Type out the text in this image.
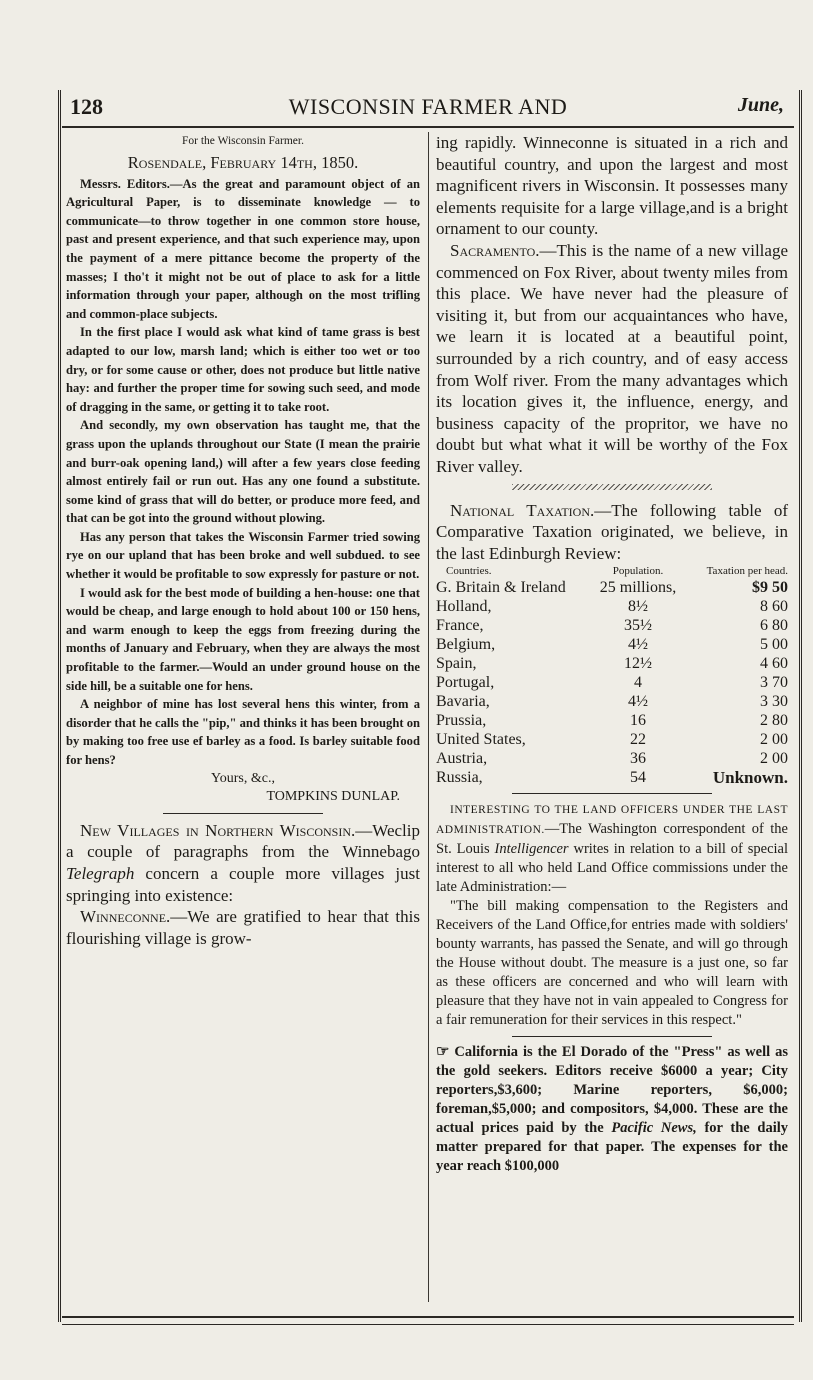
128	WISCONSIN FARMER AND	June,

For the Wisconsin Farmer.

Rosendale, February 14th, 1850.

Messrs. Editors.—As the great and paramount object of an Agricultural Paper, is to disseminate knowledge — to communicate—to throw together in one common store house, past and present experience, and that such experience may, upon the payment of a mere pittance become the property of the masses; I tho't it might not be out of place to ask for a little information through your paper, although on the most trifling and common-place subjects.

In the first place I would ask what kind of tame grass is best adapted to our low, marsh land; which is either too wet or too dry, or for some cause or other, does not produce but little native hay: and further the proper time for sowing such seed, and mode of dragging in the same, or getting it to take root.

And secondly, my own observation has taught me, that the grass upon the uplands throughout our State (I mean the prairie and burr-oak opening land,) will after a few years close feeding almost entirely fail or run out. Has any one found a substitute. some kind of grass that will do better, or produce more feed, and that can be got into the ground without plowing.

Has any person that takes the Wisconsin Farmer tried sowing rye on our upland that has been broke and well subdued. to see whether it would be profitable to sow expressly for pasture or not.

I would ask for the best mode of building a hen-house: one that would be cheap, and large enough to hold about 100 or 150 hens, and warm enough to keep the eggs from freezing during the months of January and February, when they are always the most profitable to the farmer.—Would an under ground house on the side hill, be a suitable one for hens.

A neighbor of mine has lost several hens this winter, from a disorder that he calls the "pip," and thinks it has been brought on by making too free use ef barley as a food. Is barley suitable food for hens?

Yours, &c.,

TOMPKINS DUNLAP.

New Villages in Northern Wisconsin.—Weclip a couple of paragraphs from the Winnebago Telegraph concern a couple more villages just springing into existence:

Winneconne.—We are gratified to hear that this flourishing village is grow-

ing rapidly. Winneconne is situated in a rich and beautiful country, and upon the largest and most magnificent rivers in Wisconsin. It possesses many elements requisite for a large village,and is a bright ornament to our county.

Sacramento.—This is the name of a new village commenced on Fox River, about twenty miles from this place. We have never had the pleasure of visiting it, but from our acquaintances who have, we learn it is located at a beautiful point, surrounded by a rich country, and of easy access from Wolf river. From the many advantages which its location gives it, the influence, energy, and business capacity of the propritor, we have no doubt but what what it will be worthy of the Fox River valley.

National Taxation.—The following table of Comparative Taxation originated, we believe, in the last Edinburgh Review:

Countries.	Population.	Taxation per head.
G. Britain & Ireland	25 millions,	$9 50
Holland,	8½	8 60
France,	35½	6 80
Belgium,	4½	5 00
Spain,	12½	4 60
Portugal,	4	3 70
Bavaria,	4½	3 30
Prussia,	16	2 80
United States,	22	2 00
Austria,	36	2 00
Russia,	54	Unknown.

INTERESTING TO THE LAND OFFICERS UNDER THE LAST ADMINISTRATION.—The Washington correspondent of the St. Louis Intelligencer writes in relation to a bill of special interest to all who held Land Office commissions under the late Administration:—

"The bill making compensation to the Registers and Receivers of the Land Office,for entries made with soldiers' bounty warrants, has passed the Senate, and will go through the House without doubt. The measure is a just one, so far as these officers are concerned and who will learn with pleasure that they have not in vain appealed to Congress for a fair remuneration for their services in this respect."

☞ California is the El Dorado of the "Press" as well as the gold seekers. Editors receive $6000 a year; City reporters,$3,600; Marine reporters, $6,000; foreman,$5,000; and compositors, $4,000. These are the actual prices paid by the Pacific News, for the daily matter prepared for that paper. The expenses for the year reach $100,000
